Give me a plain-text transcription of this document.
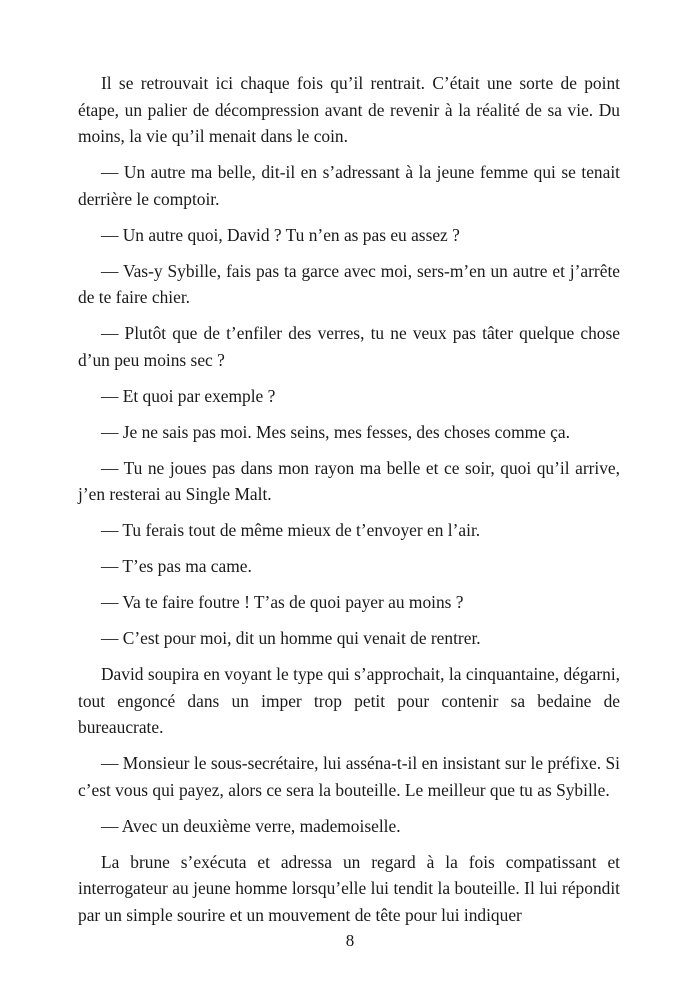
Il se retrouvait ici chaque fois qu’il rentrait. C’était une sorte de point étape, un palier de décompression avant de revenir à la réalité de sa vie. Du moins, la vie qu’il menait dans le coin.

— Un autre ma belle, dit-il en s’adressant à la jeune femme qui se tenait derrière le comptoir.

— Un autre quoi, David ? Tu n’en as pas eu assez ?

— Vas-y Sybille, fais pas ta garce avec moi, sers-m’en un autre et j’arrête de te faire chier.

— Plutôt que de t’enfiler des verres, tu ne veux pas tâter quelque chose d’un peu moins sec ?

— Et quoi par exemple ?

— Je ne sais pas moi. Mes seins, mes fesses, des choses comme ça.

— Tu ne joues pas dans mon rayon ma belle et ce soir, quoi qu’il arrive, j’en resterai au Single Malt.

— Tu ferais tout de même mieux de t’envoyer en l’air.

— T’es pas ma came.

— Va te faire foutre ! T’as de quoi payer au moins ?

— C’est pour moi, dit un homme qui venait de rentrer.

David soupira en voyant le type qui s’approchait, la cinquantaine, dégarni, tout engoncé dans un imper trop petit pour contenir sa bedaine de bureaucrate.

— Monsieur le sous-secrétaire, lui asséna-t-il en insistant sur le préfixe. Si c’est vous qui payez, alors ce sera la bouteille. Le meilleur que tu as Sybille.

— Avec un deuxième verre, mademoiselle.

La brune s’exécuta et adressa un regard à la fois compatissant et interrogateur au jeune homme lorsqu’elle lui tendit la bouteille. Il lui répondit par un simple sourire et un mouvement de tête pour lui indiquer

8
